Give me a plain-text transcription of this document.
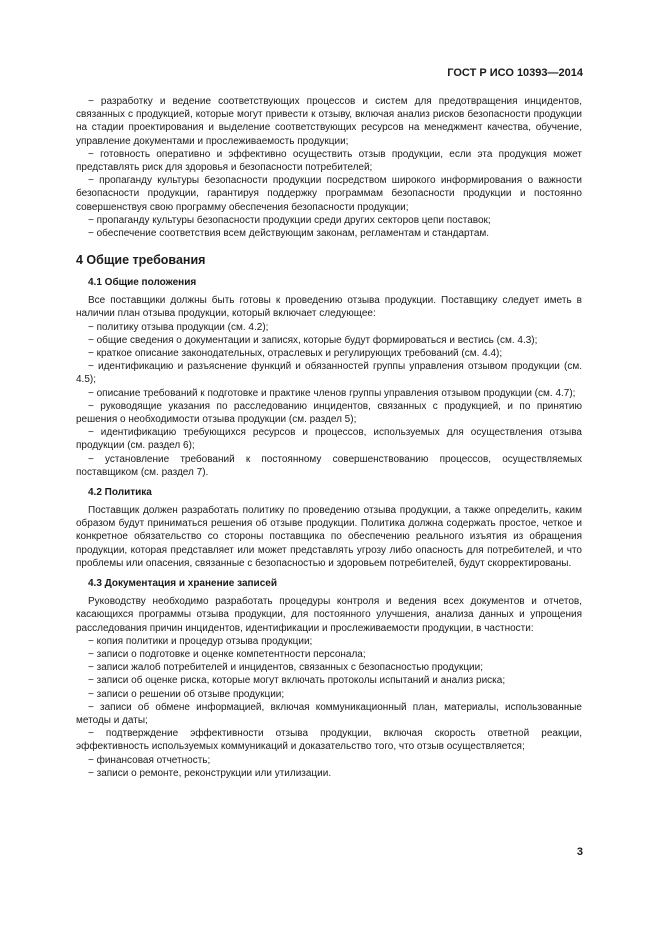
ГОСТ Р ИСО 10393—2014

− разработку и ведение соответствующих процессов и систем для предотвращения инцидентов, связанных с продукцией, которые могут привести к отзыву, включая анализ рисков безопасности продукции на стадии проектирования и выделение соответствующих ресурсов на менеджмент качества, обучение, управление документами и прослеживаемость продукции;

− готовность оперативно и эффективно осуществить отзыв продукции, если эта продукция может представлять риск для здоровья и безопасности потребителей;

− пропаганду культуры безопасности продукции посредством широкого информирования о важности безопасности продукции, гарантируя поддержку программам безопасности продукции и постоянно совершенствуя свою программу обеспечения безопасности продукции;

− пропаганду культуры безопасности продукции среди других секторов цепи поставок;

− обеспечение соответствия всем действующим законам, регламентам и стандартам.

4 Общие требования
4.1 Общие положения

Все поставщики должны быть готовы к проведению отзыва продукции. Поставщику следует иметь в наличии план отзыва продукции, который включает следующее:

− политику отзыва продукции (см. 4.2);

− общие сведения о документации и записях, которые будут формироваться и вестись (см. 4.3);

− краткое описание законодательных, отраслевых и регулирующих требований (см. 4.4);

− идентификацию и разъяснение функций и обязанностей группы управления отзывом продукции (см. 4.5);

− описание требований к подготовке и практике членов группы управления отзывом продукции (см. 4.7);

− руководящие указания по расследованию инцидентов, связанных с продукцией, и по принятию решения о необходимости отзыва продукции (см. раздел 5);

− идентификацию требующихся ресурсов и процессов, используемых для осуществления отзыва продукции (см. раздел 6);

− установление требований к постоянному совершенствованию процессов, осуществляемых поставщиком (см. раздел 7).

4.2 Политика

Поставщик должен разработать политику по проведению отзыва продукции, а также определить, каким образом будут приниматься решения об отзыве продукции. Политика должна содержать простое, четкое и конкретное обязательство со стороны поставщика по обеспечению реального изъятия из обращения продукции, которая представляет или может представлять угрозу либо опасность для потребителей, и что проблемы или опасения, связанные с безопасностью и здоровьем потребителей, будут скорректированы.

4.3 Документация и хранение записей

Руководству необходимо разработать процедуры контроля и ведения всех документов и отчетов, касающихся программы отзыва продукции, для постоянного улучшения, анализа данных и упрощения расследования причин инцидентов, идентификации и прослеживаемости продукции, в частности:

− копия политики и процедур отзыва продукции;

− записи о подготовке и оценке компетентности персонала;

− записи жалоб потребителей и инцидентов, связанных с безопасностью продукции;

− записи об оценке риска, которые могут включать протоколы испытаний и анализ риска;

− записи о решении об отзыве продукции;

− записи об обмене информацией, включая коммуникационный план, материалы, использованные методы и даты;

− подтверждение эффективности отзыва продукции, включая скорость ответной реакции, эффективность используемых коммуникаций и доказательство того, что отзыв осуществляется;

− финансовая отчетность;

− записи о ремонте, реконструкции или утилизации.

3
